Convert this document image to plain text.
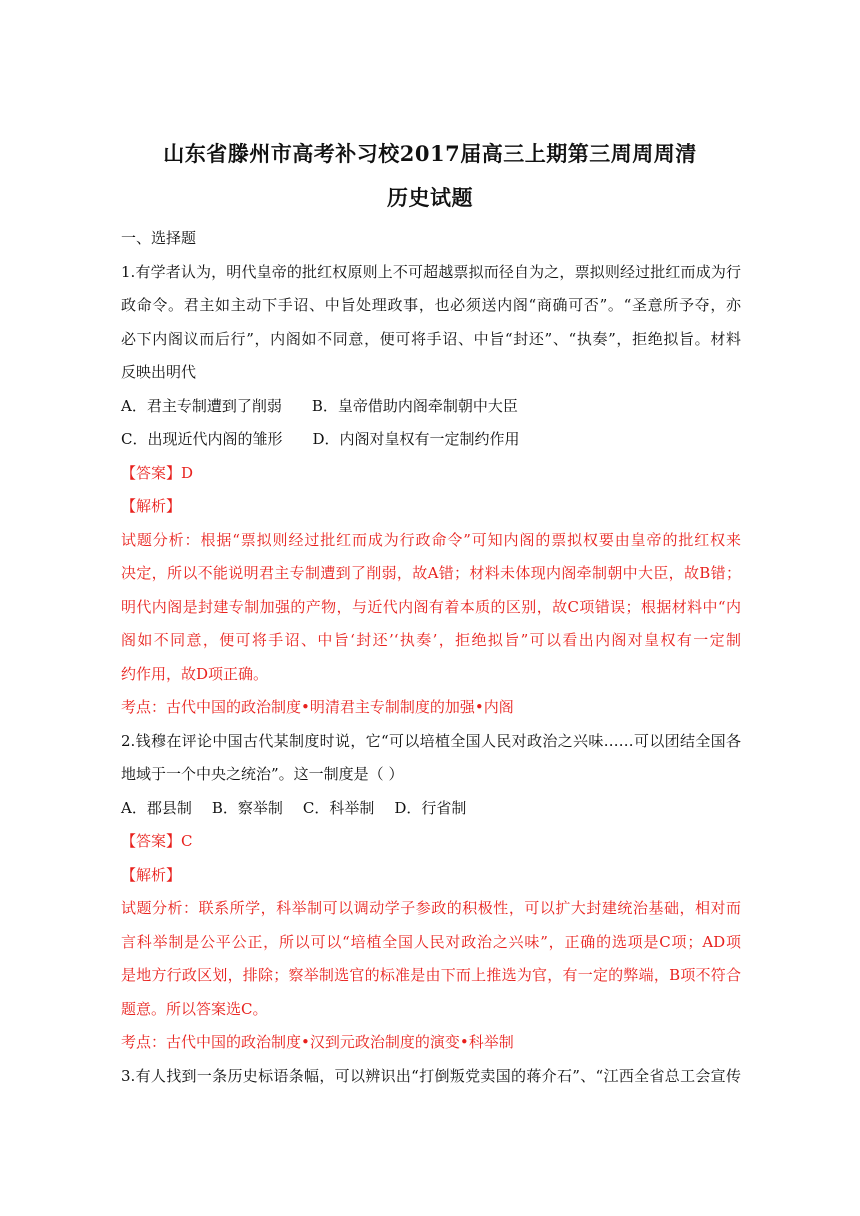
山东省滕州市高考补习校2017届高三上期第三周周周清
历史试题
一、选择题
1.有学者认为，明代皇帝的批红权原则上不可超越票拟而径自为之，票拟则经过批红而成为行
政命令。君主如主动下手诏、中旨处理政事，也必须送内阁“商确可否”。“圣意所予夺，亦
必下内阁议而后行”，内阁如不同意，便可将手诏、中旨“封还”、“执奏”，拒绝拟旨。材料
反映出明代
A．君主专制遭到了削弱 B．皇帝借助内阁牵制朝中大臣
C．出现近代内阁的雏形 D．内阁对皇权有一定制约作用
【答案】D
【解析】
试题分析：根据“票拟则经过批红而成为行政命令”可知内阁的票拟权要由皇帝的批红权来
决定，所以不能说明君主专制遭到了削弱，故A错；材料未体现内阁牵制朝中大臣，故B错；
明代内阁是封建专制加强的产物，与近代内阁有着本质的区别，故C项错误；根据材料中“内
阁如不同意，便可将手诏、中旨‘封还’‘执奏’，拒绝拟旨”可以看出内阁对皇权有一定制
约作用，故D项正确。
考点：古代中国的政治制度•明清君主专制制度的加强•内阁
2.钱穆在评论中国古代某制度时说，它“可以培植全国人民对政治之兴味……可以团结全国各
地域于一个中央之统治”。这一制度是（ ）
A．郡县制 B．察举制 C．科举制 D．行省制
【答案】C
【解析】
试题分析：联系所学，科举制可以调动学子参政的积极性，可以扩大封建统治基础，相对而
言科举制是公平公正，所以可以“培植全国人民对政治之兴味”，正确的选项是C项；AD项
是地方行政区划，排除；察举制选官的标准是由下而上推选为官，有一定的弊端，B项不符合
题意。所以答案选C。
考点：古代中国的政治制度•汉到元政治制度的演变•科举制
3.有人找到一条历史标语条幅，可以辨识出“打倒叛党卖国的蒋介石”、“江西全省总工会宣传
